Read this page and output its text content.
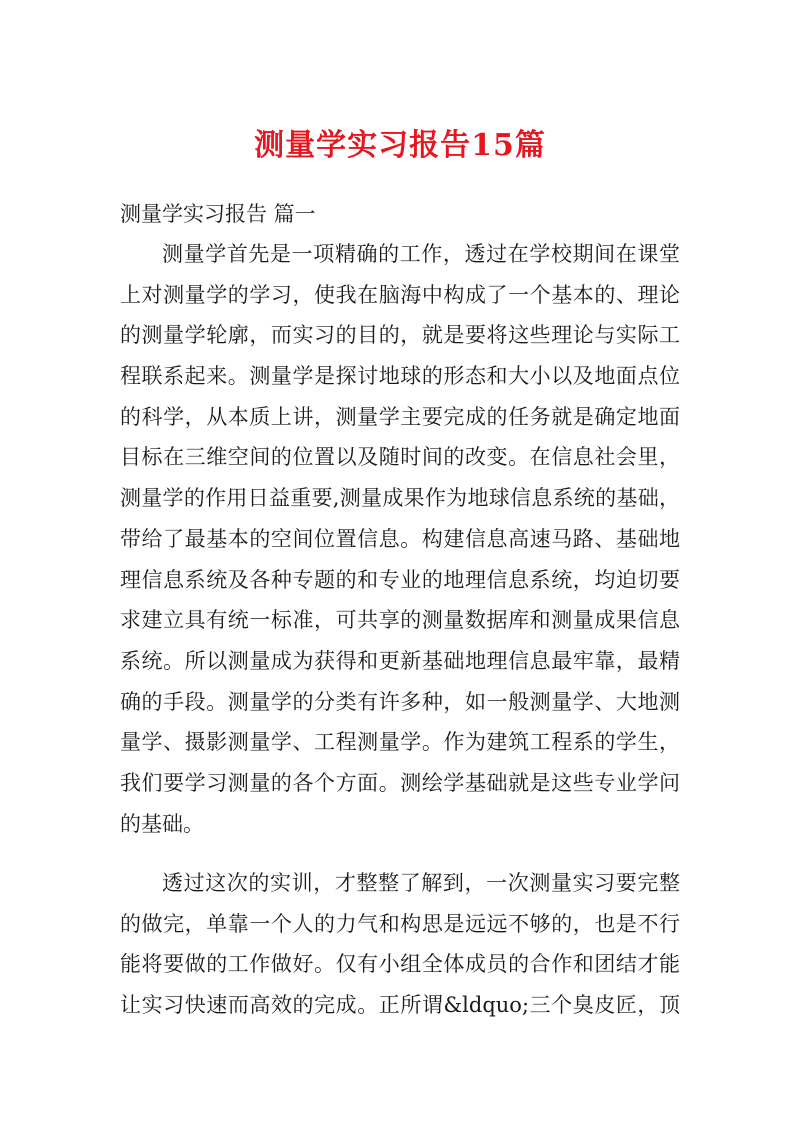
测量学实习报告15篇
测量学实习报告 篇一
测量学首先是一项精确的工作，透过在学校期间在课堂
上对测量学的学习，使我在脑海中构成了一个基本的、理论
的测量学轮廓，而实习的目的，就是要将这些理论与实际工
程联系起来。测量学是探讨地球的形态和大小以及地面点位
的科学，从本质上讲，测量学主要完成的任务就是确定地面
目标在三维空间的位置以及随时间的改变。在信息社会里，
测量学的作用日益重要,测量成果作为地球信息系统的基础，
带给了最基本的空间位置信息。构建信息高速马路、基础地
理信息系统及各种专题的和专业的地理信息系统，均迫切要
求建立具有统一标准，可共享的测量数据库和测量成果信息
系统。所以测量成为获得和更新基础地理信息最牢靠，最精
确的手段。测量学的分类有许多种，如一般测量学、大地测
量学、摄影测量学、工程测量学。作为建筑工程系的学生，
我们要学习测量的各个方面。测绘学基础就是这些专业学问
的基础。
透过这次的实训，才整整了解到，一次测量实习要完整
的做完，单靠一个人的力气和构思是远远不够的，也是不行
能将要做的工作做好。仅有小组全体成员的合作和团结才能
让实习快速而高效的完成。正所谓&ldquo;三个臭皮匠，顶
